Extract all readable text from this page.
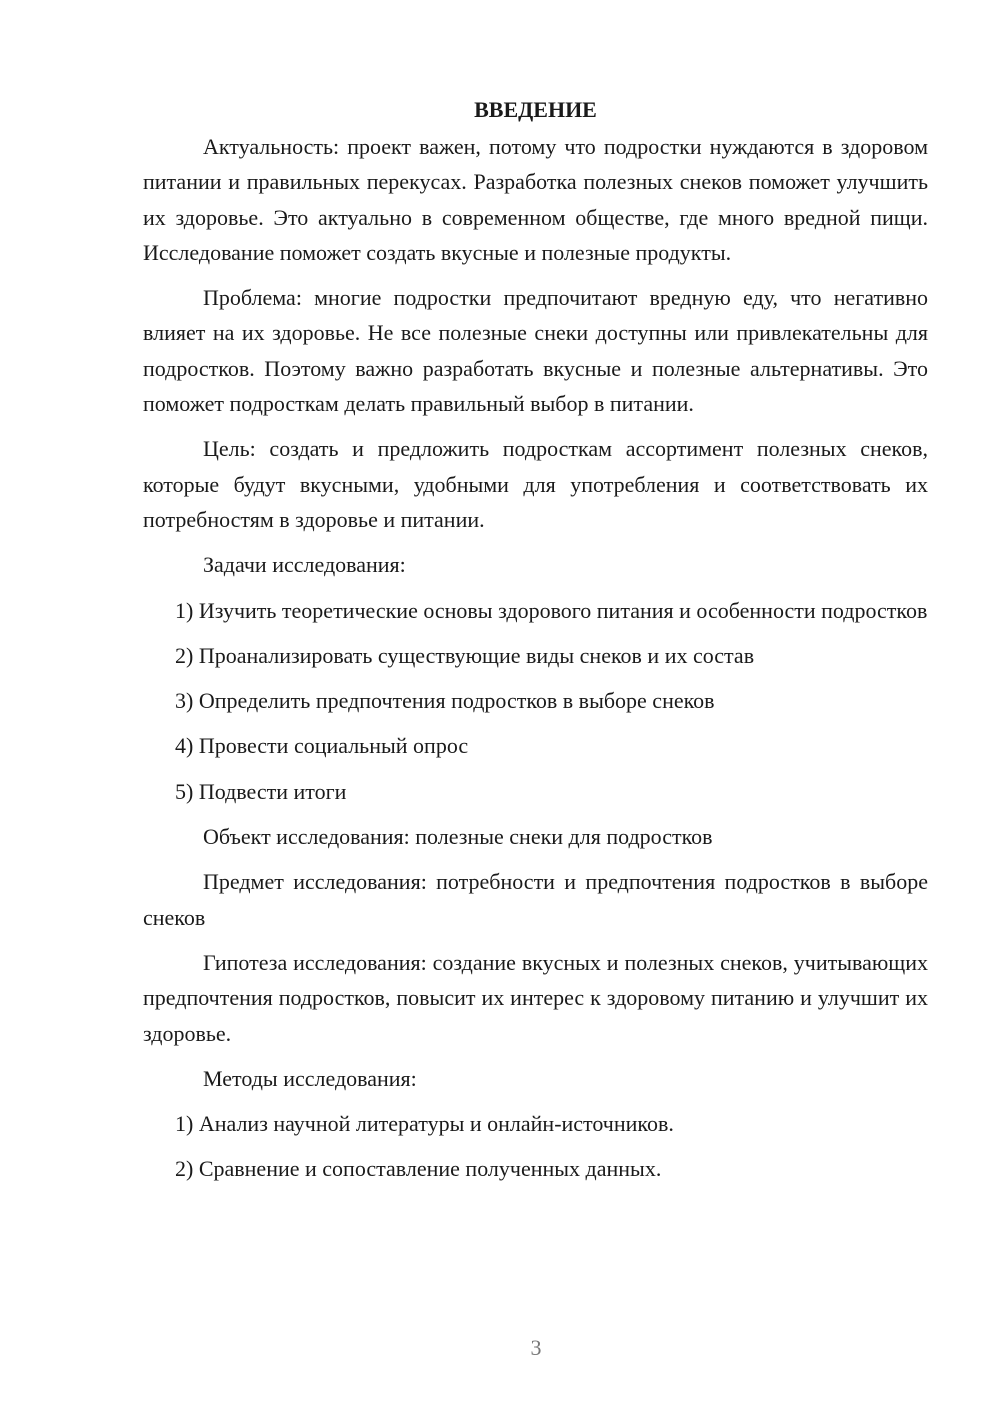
ВВЕДЕНИЕ

Актуальность: проект важен, потому что подростки нуждаются в здоровом питании и правильных перекусах. Разработка полезных снеков поможет улучшить их здоровье. Это актуально в современном обществе, где много вредной пищи. Исследование поможет создать вкусные и полезные продукты.

Проблема: многие подростки предпочитают вредную еду, что негативно влияет на их здоровье. Не все полезные снеки доступны или привлекательны для подростков. Поэтому важно разработать вкусные и полезные альтернативы. Это поможет подросткам делать правильный выбор в питании.

Цель: создать и предложить подросткам ассортимент полезных снеков, которые будут вкусными, удобными для употребления и соответствовать их потребностям в здоровье и питании.

Задачи исследования:

1) Изучить теоретические основы здорового питания и особенности подростков

2) Проанализировать существующие виды снеков и их состав

3) Определить предпочтения подростков в выборе снеков

4) Провести социальный опрос

5) Подвести итоги

Объект исследования: полезные снеки для подростков

Предмет исследования: потребности и предпочтения подростков в выборе снеков

Гипотеза исследования: создание вкусных и полезных снеков, учитывающих предпочтения подростков, повысит их интерес к здоровому питанию и улучшит их здоровье.

Методы исследования:

1) Анализ научной литературы и онлайн-источников.

2) Сравнение и сопоставление полученных данных.

3
